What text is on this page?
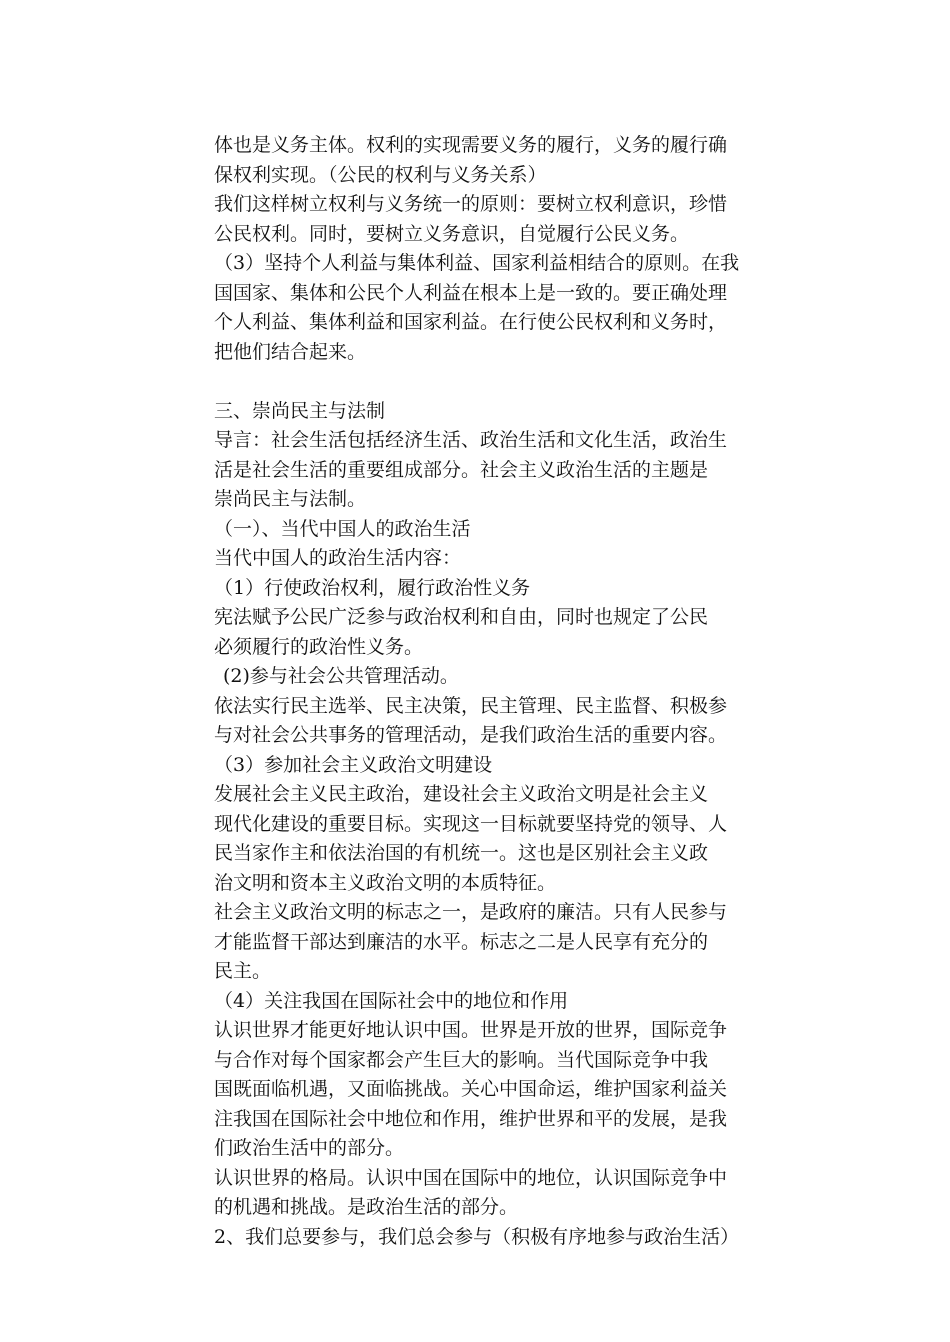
体也是义务主体。权利的实现需要义务的履行，义务的履行确
保权利实现。（公民的权利与义务关系）
我们这样树立权利与义务统一的原则：要树立权利意识，珍惜
公民权利。同时，要树立义务意识，自觉履行公民义务。
（3）坚持个人利益与集体利益、国家利益相结合的原则。在我
国国家、集体和公民个人利益在根本上是一致的。要正确处理
个人利益、集体利益和国家利益。在行使公民权利和义务时，
把他们结合起来。
三、崇尚民主与法制
导言：社会生活包括经济生活、政治生活和文化生活，政治生
活是社会生活的重要组成部分。社会主义政治生活的主题是
崇尚民主与法制。
（一）、当代中国人的政治生活
当代中国人的政治生活内容：
（1）行使政治权利，履行政治性义务
宪法赋予公民广泛参与政治权利和自由，同时也规定了公民
必须履行的政治性义务。
(2)参与社会公共管理活动。
依法实行民主选举、民主决策，民主管理、民主监督、积极参
与对社会公共事务的管理活动，是我们政治生活的重要内容。
（3）参加社会主义政治文明建设
发展社会主义民主政治，建设社会主义政治文明是社会主义
现代化建设的重要目标。实现这一目标就要坚持党的领导、人
民当家作主和依法治国的有机统一。这也是区别社会主义政
治文明和资本主义政治文明的本质特征。
社会主义政治文明的标志之一，是政府的廉洁。只有人民参与
才能监督干部达到廉洁的水平。标志之二是人民享有充分的
民主。
（4）关注我国在国际社会中的地位和作用
认识世界才能更好地认识中国。世界是开放的世界，国际竞争
与合作对每个国家都会产生巨大的影响。当代国际竞争中我
国既面临机遇，又面临挑战。关心中国命运，维护国家利益关
注我国在国际社会中地位和作用，维护世界和平的发展，是我
们政治生活中的部分。
认识世界的格局。认识中国在国际中的地位，认识国际竞争中
的机遇和挑战。是政治生活的部分。
2、我们总要参与，我们总会参与（积极有序地参与政治生活）
